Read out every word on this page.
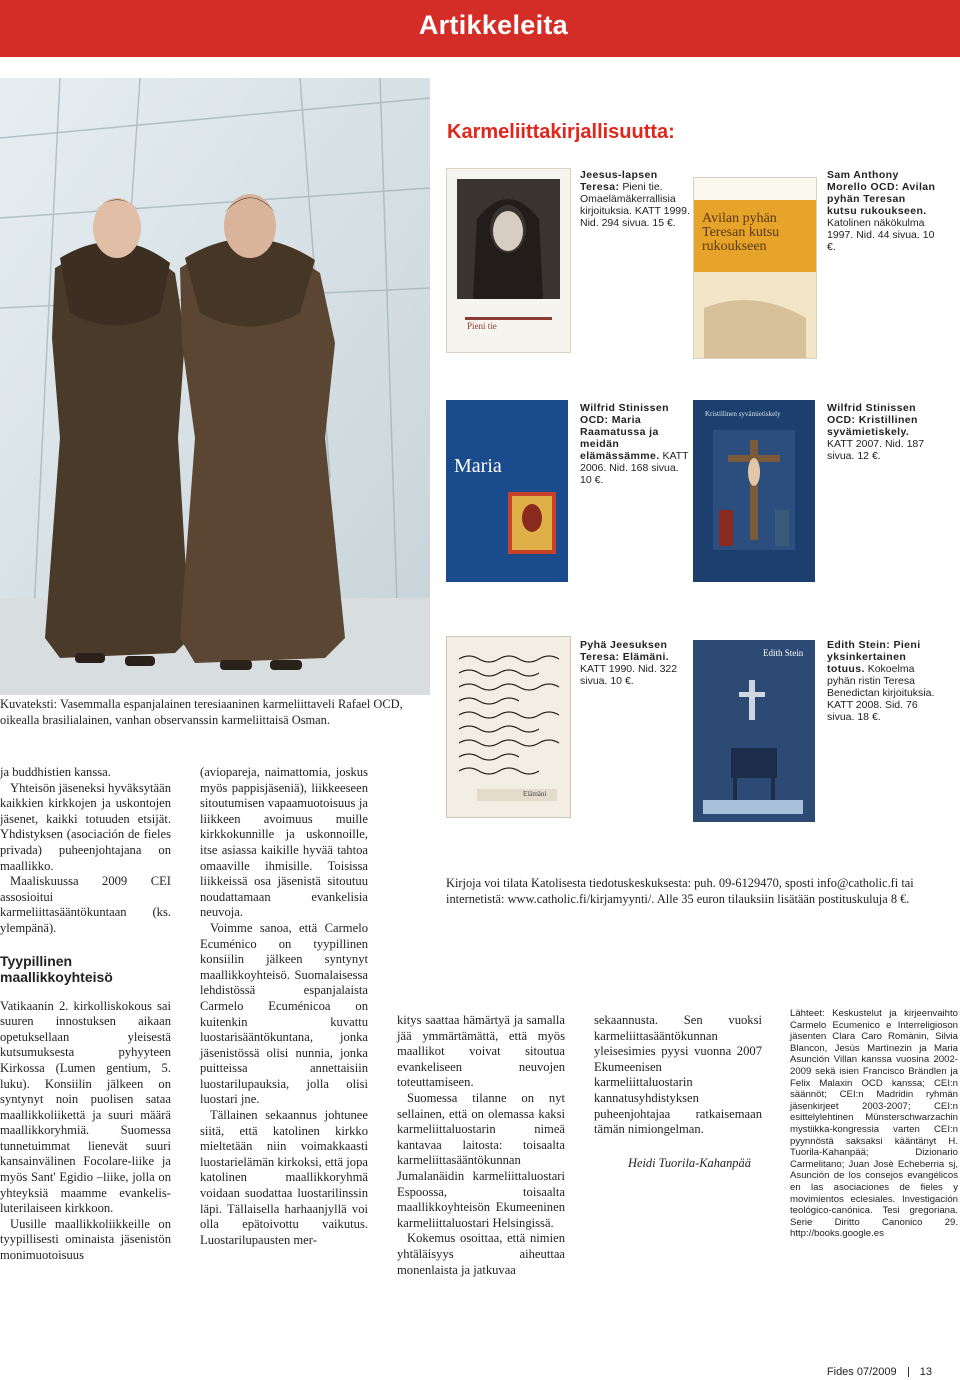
Artikkeleita
Kuvateksti: Vasemmalla espanjalainen teresiaaninen karmeliittaveli Rafael OCD, oikealla brasilialainen, vanhan observanssin karmeliittaisä Osman.
Karmeliittakirjallisuutta:
Pieni tie
Jeesus-lapsen Teresa: Pieni tie. Omaelämäkerrallisia kirjoituksia. KATT 1999. Nid. 294 sivua. 15 €.	Avilan pyhän Teresan kutsu rukoukseen
Sam Anthony Morello OCD: Avilan pyhän Teresan kutsu rukoukseen. Katolinen näkökulma 1997. Nid. 44 sivua. 10 €.
Maria
Wilfrid Stinissen OCD: Maria Raamatussa ja meidän elämässämme. KATT 2006. Nid. 168 sivua. 10 €.
Kristillinen syvämietiskely	Wilfrid Stinissen OCD: Kristillinen syvämietiskely. KATT 2007. Nid. 187 sivua. 12 €.
Elämäni
Pyhä Jeesuksen Teresa: Elämäni. KATT 1990. Nid. 322 sivua. 10 €.
Edith Stein
Edith Stein: Pieni yksinkertainen totuus. Kokoelma pyhän ristin Teresa Benedictan kirjoituksia. KATT 2008. Sid. 76 sivua. 18 €.
Kirjoja voi tilata Katolisesta tiedotuskeskuksesta: puh. 09-6129470, sposti info@catholic.fi tai internetistä: www.catholic.fi/kirjamyynti/. Alle 35 euron tilauksiin lisätään postituskuluja 8 €.

ja buddhistien kanssa.

Yhteisön jäseneksi hyväksytään kaikkien kirkkojen ja uskontojen jäsenet, kaikki totuuden etsijät. Yhdistyksen (asociación de fieles privada) puheenjohtajana on maallikko.

Maaliskuussa 2009 CEI assosioitui karmeliittasääntökuntaan (ks. ylempänä).

Tyypillinen maallikkoyhteisö

Vatikaanin 2. kirkolliskokous sai suuren innostuksen aikaan opetuksellaan yleisestä kutsumuksesta pyhyyteen Kirkossa (Lumen gentium, 5. luku). Konsiilin jälkeen on syntynyt noin puolisen sataa maallikkoliikettä ja suuri määrä maallikkoryhmiä. Suomessa tunnetuimmat lienevät suuri kansainvälinen Focolare-liike ja myös Sant' Egidio –liike, jolla on yhteyksiä maamme evankelis-luterilaiseen kirkkoon.

Uusille maallikkoliikkeille on tyypillisesti ominaista jäsenistön monimuotoisuus

(aviopareja, naimattomia, joskus myös pappisjäseniä), liikkeeseen sitoutumisen vapaamuotoisuus ja liikkeen avoimuus muille kirkkokunnille ja uskonnoille, itse asiassa kaikille hyvää tahtoa omaaville ihmisille. Toisissa liikkeissä osa jäsenistä sitoutuu noudattamaan evankelisia neuvoja.

Voimme sanoa, että Carmelo Ecuménico on tyypillinen konsiilin jälkeen syntynyt maallikkoyhteisö. Suomalaisessa lehdistössä espanjalaista Carmelo Ecuménicoa on kuitenkin kuvattu luostarisääntökuntana, jonka jäsenistössä olisi nunnia, jonka puitteissa annettaisiin luostarilupauksia, jolla olisi luostari jne.

Tällainen sekaannus johtunee siitä, että katolinen kirkko mieltetään niin voimakkaasti luostarielämän kirkoksi, että jopa katolinen maallikkoryhmä voidaan suodattaa luostarilinssin läpi. Tällaisella harhaanjyllä voi olla epätoivottu vaikutus. Luostarilupausten mer-

kitys saattaa hämärtyä ja samalla jää ymmärtämättä, että myös maallikot voivat sitoutua evankeliseen neuvojen toteuttamiseen.

Suomessa tilanne on nyt sellainen, että on olemassa kaksi karmeliittaluostarin nimeä kantavaa laitosta: toisaalta karmeliittasääntökunnan Jumalanäidin karmeliittaluostari Espoossa, toisaalta maallikkoyhteisön Ekumeeninen karmeliittaluostari Helsingissä.

Kokemus osoittaa, että nimien yhtäläisyys aiheuttaa monenlaista ja jatkuvaa

sekaannusta. Sen vuoksi karmeliittasääntökunnan yleisesimies pyysi vuonna 2007 Ekumeenisen karmeliittaluostarin kannatusyhdistyksen puheenjohtajaa ratkaisemaan tämän nimiongelman.

Heidi Tuorila-Kahanpää
Lähteet: Keskustelut ja kirjeenvaihto Carmelo Ecumenico e Interreligioson jäsenten Clara Caro Romànin, Silvia Blancon, Jesùs Martìnezin ja Maria Asunción Villan kanssa vuosina 2002-2009 sekä isien Francisco Brändlen ja Felix Malaxin OCD kanssa; CEI:n säännöt; CEI:n Madridin ryhmän jäsenkirjeet 2003-2007; CEI:n esittelylehtinen Münsterschwarzachin mystiikka-kongressia varten CEI:n pyynnöstä saksaksi kääntänyt H. Tuorila-Kahanpää; Dizionario Carmelitano; Juan Josè Echeberria sj, Asunción de los consejos evangélicos en las asociaciones de fieles y movimientos eclesiales. Investigación teológico-canónica. Tesi gregoriana. Serie Diritto Canonico 29. http://books.google.es
Fides 07/2009 13
